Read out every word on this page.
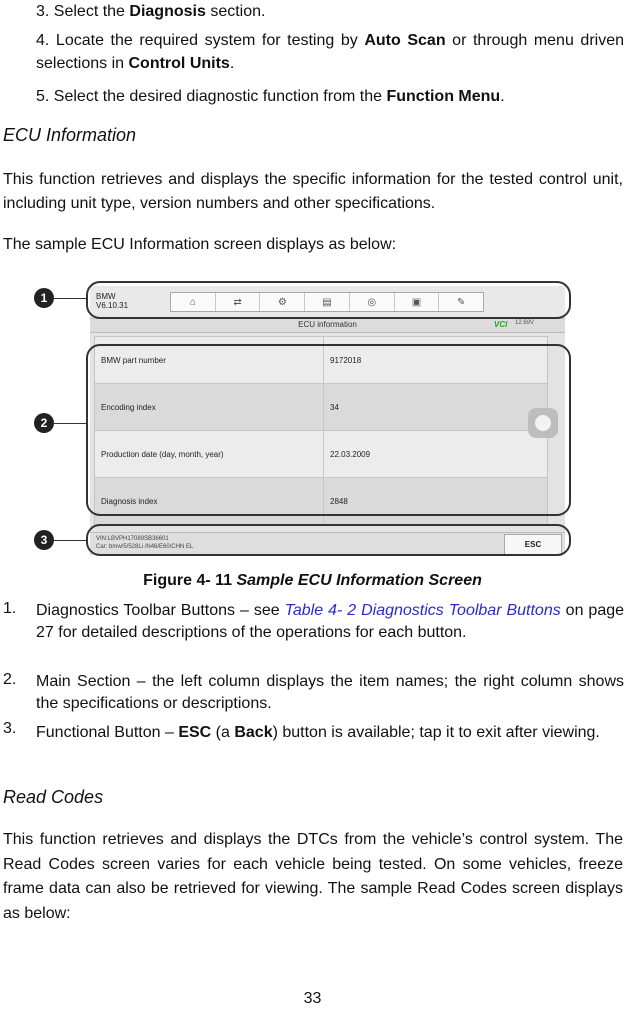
3. Select the Diagnosis section.
4. Locate the required system for testing by Auto Scan or through menu driven selections in Control Units.
5. Select the desired diagnostic function from the Function Menu.
ECU Information
This function retrieves and displays the specific information for the tested control unit, including unit type, version numbers and other specifications.
The sample ECU Information screen displays as below:
1
2
3
BMW
V6.10.31	⌂	⇄	⚙	▤	◎	▣	✎
ECU information	VCI 12.69V
BMW part number	9172018
Encoding index	34
Production date (day, month, year)	22.03.2009
Diagnosis index	2848
VIN:LBVPH17089SB36601
Car: bmw/5/528Li /N46/E60/CHN EL	ESC
Figure 4- 11 Sample ECU Information Screen
1. Diagnostics Toolbar Buttons – see Table 4- 2 Diagnostics Toolbar Buttons on page 27 for detailed descriptions of the operations for each button.
2. Main Section – the left column displays the item names; the right column shows the specifications or descriptions.
3. Functional Button – ESC (a Back) button is available; tap it to exit after viewing.
Read Codes
This function retrieves and displays the DTCs from the vehicle’s control system. The Read Codes screen varies for each vehicle being tested. On some vehicles, freeze frame data can also be retrieved for viewing. The sample Read Codes screen displays as below:
33
